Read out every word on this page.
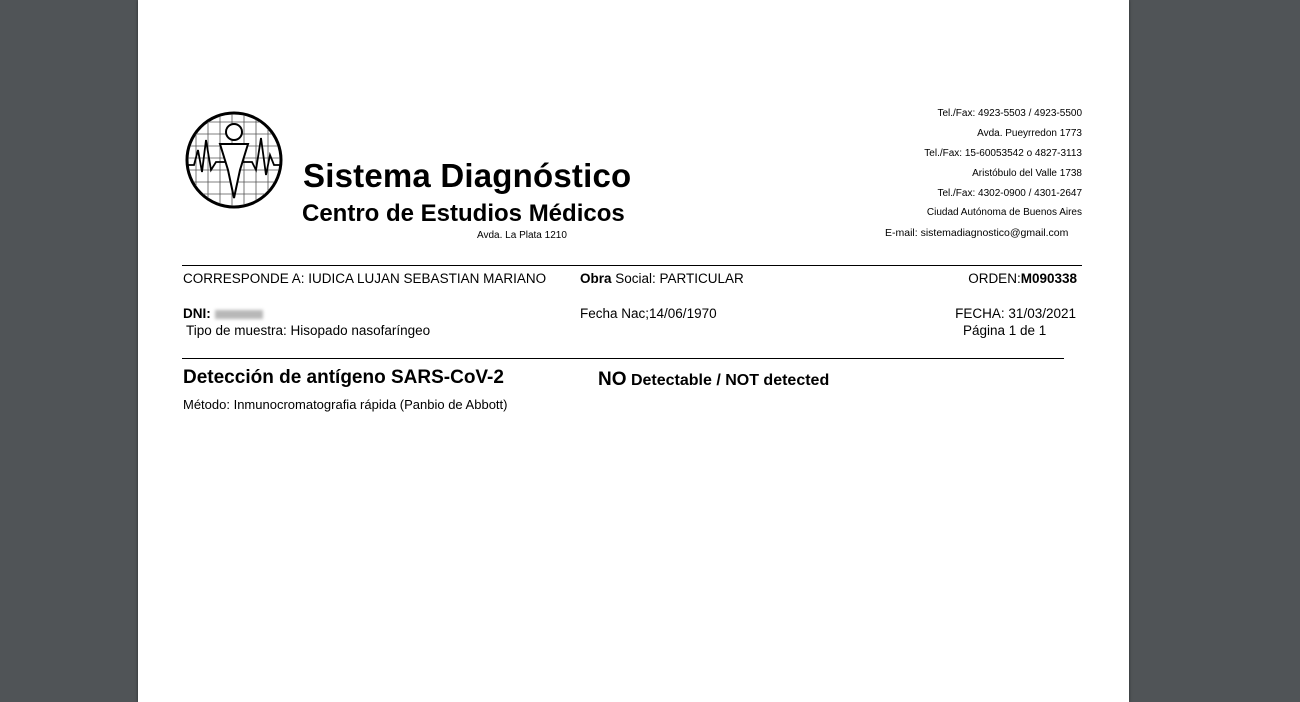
Sistema Diagnóstico
Centro de Estudios Médicos
Avda. La Plata 1210
Tel./Fax: 4923-5503 / 4923-5500
Avda. Pueyrredon 1773
Tel./Fax: 15-60053542 o 4827-3113
Aristóbulo del Valle 1738
Tel./Fax: 4302-0900 / 4301-2647
Ciudad Autónoma de Buenos Aires
E-mail: sistemadiagnostico@gmail.com
CORRESPONDE A: IUDICA LUJAN SEBASTIAN MARIANO	Obra Social: PARTICULAR	ORDEN:M090338
DNI:	Fecha Nac;14/06/1970	FECHA: 31/03/2021
Tipo de muestra: Hisopado nasofaríngeo	Página 1 de 1
Detección de antígeno SARS-CoV-2	NO Detectable / NOT detected
Método: Inmunocromatografia rápida (Panbio de Abbott)
